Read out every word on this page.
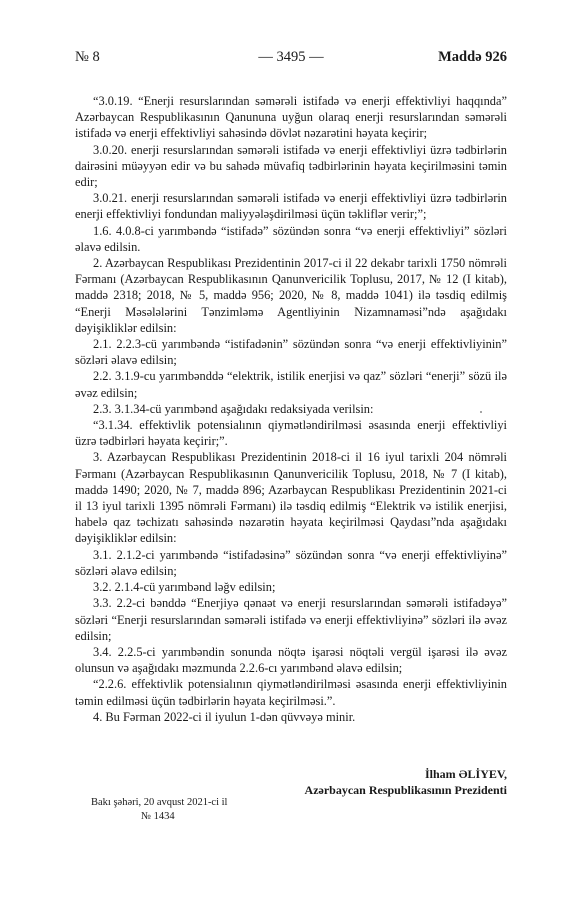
№ 8	— 3495 —	Maddə 926

“3.0.19. “Enerji resurslarından səmərəli istifadə və enerji effektivliyi haqqında” Azərbaycan Respublikasının Qanununa uyğun olaraq enerji resurslarından səmərəli istifadə və enerji effektivliyi sahəsində dövlət nəzarətini həyata keçirir;

3.0.20. enerji resurslarından səmərəli istifadə və enerji effektivliyi üzrə tədbirlərin dairəsini müəyyən edir və bu sahədə müvafiq tədbirlərinin həyata keçirilməsini təmin edir;

3.0.21. enerji resurslarından səmərəli istifadə və enerji effektivliyi üzrə tədbirlərin enerji effektivliyi fondundan maliyyələşdirilməsi üçün təkliflər verir;”;

1.6. 4.0.8-ci yarımbəndə “istifadə” sözündən sonra “və enerji effektivliyi” sözləri əlavə edilsin.

2. Azərbaycan Respublikası Prezidentinin 2017-ci il 22 dekabr tarixli 1750 nömrəli Fərmanı (Azərbaycan Respublikasının Qanunvericilik Toplusu, 2017, № 12 (I kitab), maddə 2318; 2018, № 5, maddə 956; 2020, № 8, maddə 1041) ilə təsdiq edilmiş “Enerji Məsələlərini Tənzimləmə Agentliyinin Nizamnaməsi”ndə aşağıdakı dəyişikliklər edilsin:

2.1. 2.2.3-cü yarımbəndə “istifadənin” sözündən sonra “və enerji effektivliyinin” sözləri əlavə edilsin;

2.2. 3.1.9-cu yarımbənddə “elektrik, istilik enerjisi və qaz” sözləri “enerji” sözü ilə əvəz edilsin;

2.3. 3.1.34-cü yarımbənd aşağıdakı redaksiyada verilsin:

“3.1.34. effektivlik potensialının qiymətləndirilməsi əsasında enerji effektivliyi üzrə tədbirləri həyata keçirir;”.

3. Azərbaycan Respublikası Prezidentinin 2018-ci il 16 iyul tarixli 204 nömrəli Fərmanı (Azərbaycan Respublikasının Qanunvericilik Toplusu, 2018, № 7 (I kitab), maddə 1490; 2020, № 7, maddə 896; Azərbaycan Respublikası Prezidentinin 2021-ci il 13 iyul tarixli 1395 nömrəli Fərmanı) ilə təsdiq edilmiş “Elektrik və istilik enerjisi, habelə qaz təchizatı sahəsində nəzarətin həyata keçirilməsi Qaydası”nda aşağıdakı dəyişikliklər edilsin:

3.1. 2.1.2-ci yarımbəndə “istifadəsinə” sözündən sonra “və enerji effektivliyinə” sözləri əlavə edilsin;

3.2. 2.1.4-cü yarımbənd ləğv edilsin;

3.3. 2.2-ci bənddə “Enerjiyə qənaət və enerji resurslarından səmərəli istifadəyə” sözləri “Enerji resurslarından səmərəli istifadə və enerji effektivliyinə” sözləri ilə əvəz edilsin;

3.4. 2.2.5-ci yarımbəndin sonunda nöqtə işarəsi nöqtəli vergül işarəsi ilə əvəz olunsun və aşağıdakı məzmunda 2.2.6-cı yarımbənd əlavə edilsin;

“2.2.6. effektivlik potensialının qiymətləndirilməsi əsasında enerji effektivliyinin təmin edilməsi üçün tədbirlərin həyata keçirilməsi.”.

4. Bu Fərman 2022-ci il iyulun 1-dən qüvvəyə minir.

İlham ƏLİYEV,
Azərbaycan Respublikasının Prezidenti
Bakı şəhəri, 20 avqust 2021-ci il
№ 1434
